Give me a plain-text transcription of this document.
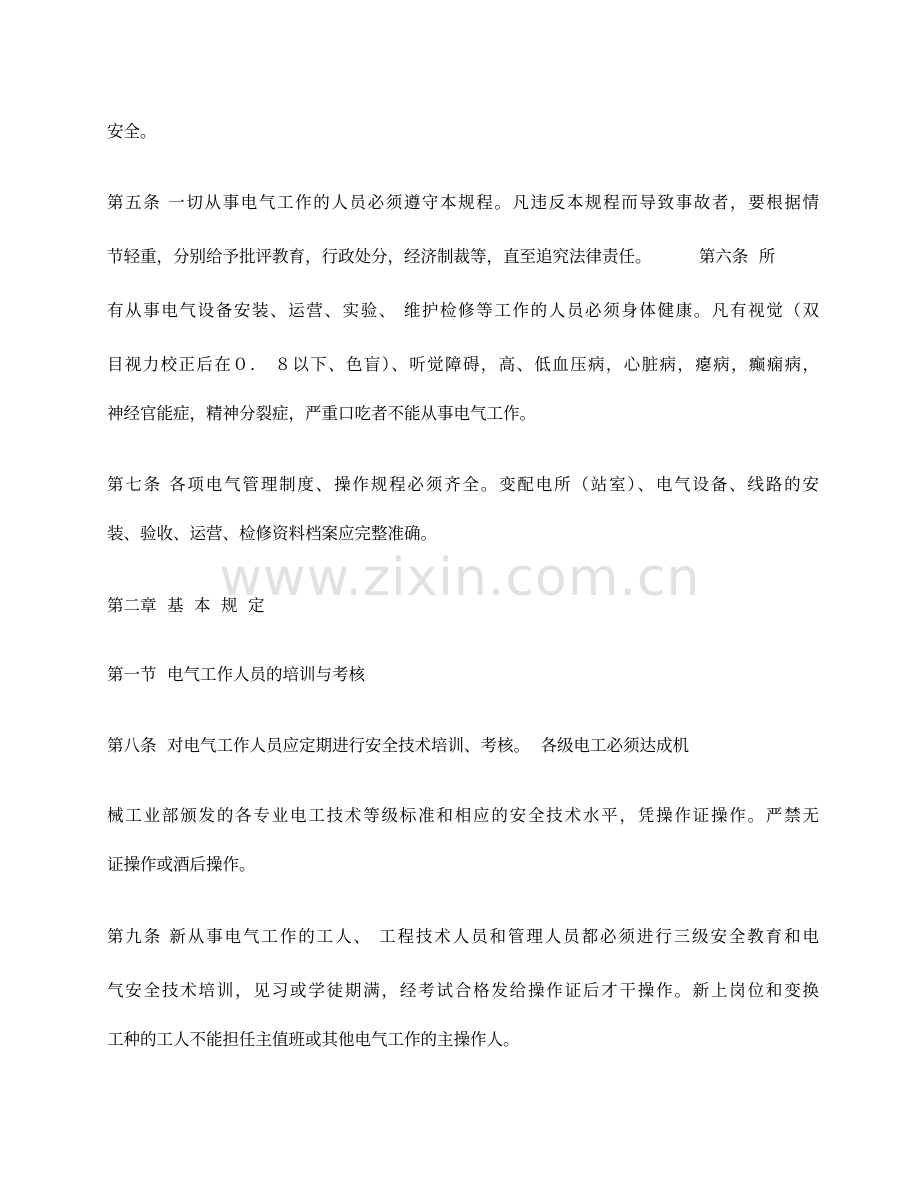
www.zixin.com.cn
安全。
第五条 一切从事电气工作的人员必须遵守本规程。凡违反本规程而导致事故者，要根据情
节轻重，分别给予批评教育，行政处分，经济制裁等，直至追究法律责任。         第六条  所
有从事电气设备安装、运营、实验、 维护检修等工作的人员必须身体健康。凡有视觉（双
目视力校正后在０． ８以下、色盲）、听觉障碍，高、低血压病，心脏病，瘪病，癫痫病，
神经官能症，精神分裂症，严重口吃者不能从事电气工作。
第七条 各项电气管理制度、操作规程必须齐全。变配电所（站室）、电气设备、线路的安
装、验收、运营、检修资料档案应完整准确。
第二章  基  本  规  定
第一节  电气工作人员的培训与考核
第八条  对电气工作人员应定期进行安全技术培训、考核。  各级电工必须达成机
械工业部颁发的各专业电工技术等级标准和相应的安全技术水平，凭操作证操作。严禁无
证操作或酒后操作。
第九条 新从事电气工作的工人、 工程技术人员和管理人员都必须进行三级安全教育和电
气安全技术培训，见习或学徒期满，经考试合格发给操作证后才干操作。新上岗位和变换
工种的工人不能担任主值班或其他电气工作的主操作人。
